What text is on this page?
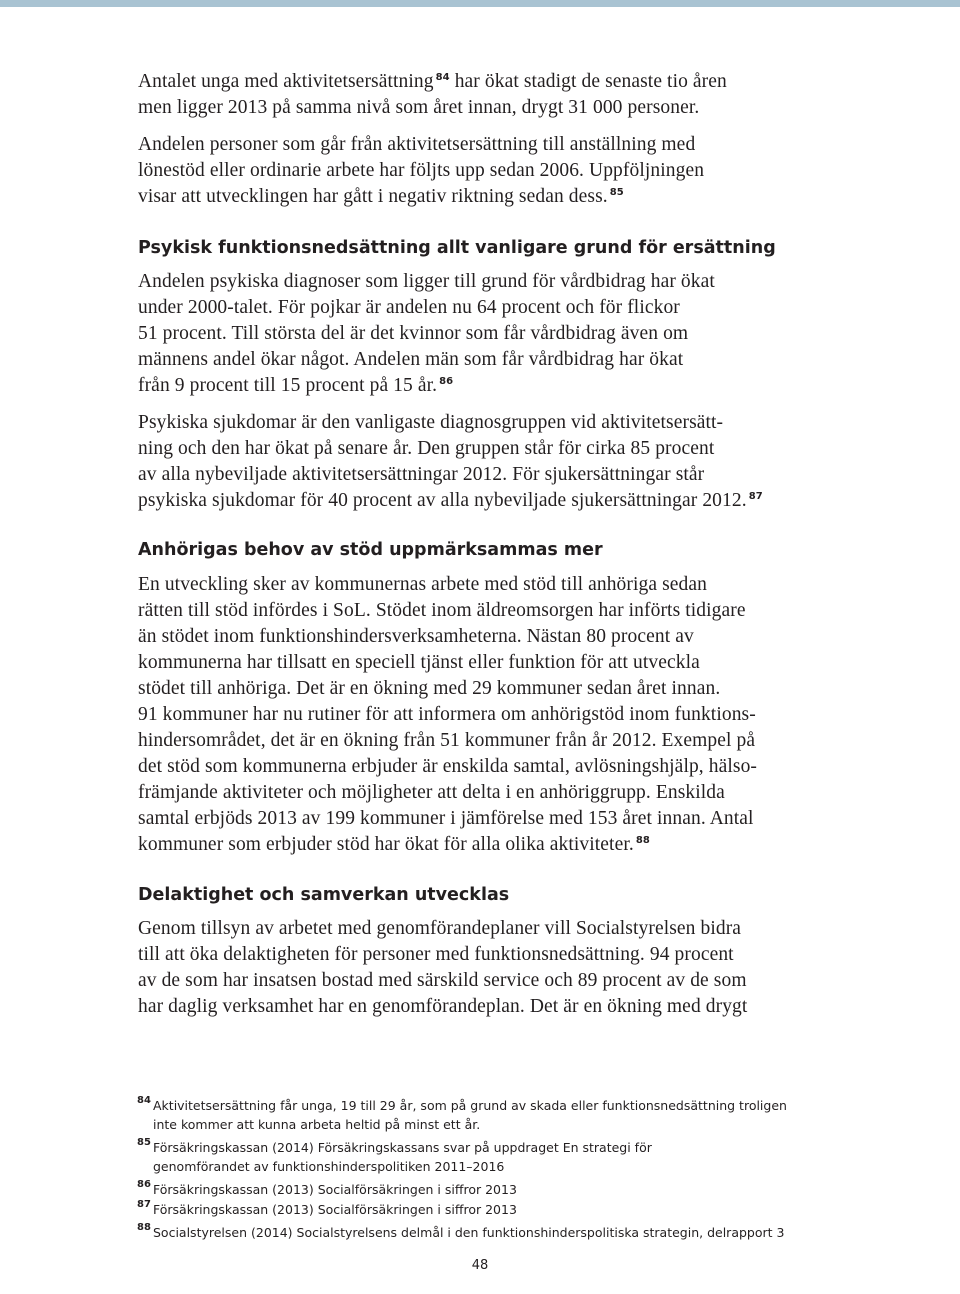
Antalet unga med aktivitetsersättning $^{84}$ har ökat stadigt de senaste tio åren
men ligger 2013 på samma nivå som året innan, drygt 31 000 personer.
Andelen personer som går från aktivitetsersättning till anställning med
lönestöd eller ordinarie arbete har följts upp sedan 2006. Uppföljningen
visar att utvecklingen har gått i negativ riktning sedan dess. $^{85}$
Psykisk funktionsnedsättning allt vanligare grund för ersättning
Andelen psykiska diagnoser som ligger till grund för vårdbidrag har ökat
under 2000-talet. För pojkar är andelen nu 64 procent och för flickor
51 procent. Till största del är det kvinnor som får vårdbidrag även om
männens andel ökar något. Andelen män som får vårdbidrag har ökat
från 9 procent till 15 procent på 15 år. $^{86}$
Psykiska sjukdomar är den vanligaste diagnosgruppen vid aktivitetsersätt-
ning och den har ökat på senare år. Den gruppen står för cirka 85 procent
av alla nybeviljade aktivitetsersättningar 2012. För sjukersättningar står
psykiska sjukdomar för 40 procent av alla nybeviljade sjukersättningar 2012. $^{87}$
Anhörigas behov av stöd uppmärksammas mer
En utveckling sker av kommunernas arbete med stöd till anhöriga sedan
rätten till stöd infördes i SoL. Stödet inom äldreomsorgen har införts tidigare
än stödet inom funktionshindersverksamheterna. Nästan 80 procent av
kommunerna har tillsatt en speciell tjänst eller funktion för att utveckla
stödet till anhöriga. Det är en ökning med 29 kommuner sedan året innan.
91 kommuner har nu rutiner för att informera om anhörigstöd inom funktions-
hindersområdet, det är en ökning från 51 kommuner från år 2012. Exempel på
det stöd som kommunerna erbjuder är enskilda samtal, avlösningshjälp, hälso-
främjande aktiviteter och möjligheter att delta i en anhöriggrupp. Enskilda
samtal erbjöds 2013 av 199 kommuner i jämförelse med 153 året innan. Antal
kommuner som erbjuder stöd har ökat för alla olika aktiviteter. $^{88}$
Delaktighet och samverkan utvecklas
Genom tillsyn av arbetet med genomförandeplaner vill Socialstyrelsen bidra
till att öka delaktigheten för personer med funktionsnedsättning. 94 procent
av de som har insatsen bostad med särskild service och 89 procent av de som
har daglig verksamhet har en genomförandeplan. Det är en ökning med drygt
84 Aktivitetsersättning får unga, 19 till 29 år, som på grund av skada eller funktionsnedsättning troligen
inte kommer att kunna arbeta heltid på minst ett år.
85 Försäkringskassan (2014) Försäkringskassans svar på uppdraget En strategi för
genomförandet av funktionshinderspolitiken 2011–2016
86 Försäkringskassan (2013) Socialförsäkringen i siffror 2013
87 Försäkringskassan (2013) Socialförsäkringen i siffror 2013
88 Socialstyrelsen (2014) Socialstyrelsens delmål i den funktionshinderspolitiska strategin, delrapport 3
48
